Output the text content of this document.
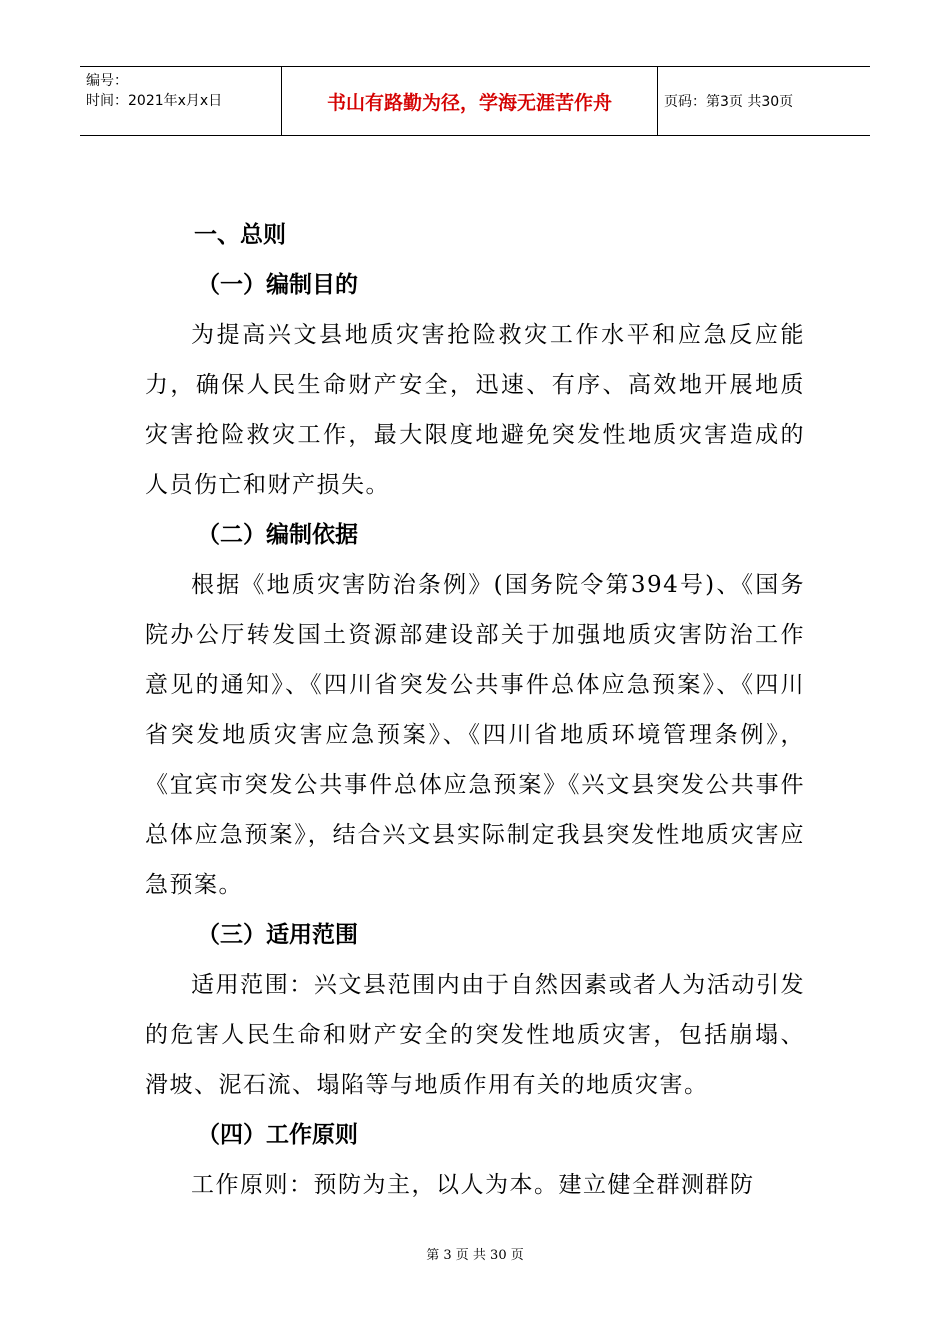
编号：
时间：2021年x月x日	书山有路勤为径，学海无涯苦作舟	页码：第3页 共30页
一、总则
（一）编制目的

为提高兴文县地质灾害抢险救灾工作水平和应急反应能力，确保人民生命财产安全，迅速、有序、高效地开展地质灾害抢险救灾工作，最大限度地避免突发性地质灾害造成的人员伤亡和财产损失。

（二）编制依据

根据《地质灾害防治条例》(国务院令第394号)、《国务院办公厅转发国土资源部建设部关于加强地质灾害防治工作意见的通知》、《四川省突发公共事件总体应急预案》、《四川省突发地质灾害应急预案》、《四川省地质环境管理条例》，《宜宾市突发公共事件总体应急预案》《兴文县突发公共事件总体应急预案》，结合兴文县实际制定我县突发性地质灾害应急预案。

（三）适用范围

适用范围：兴文县范围内由于自然因素或者人为活动引发的危害人民生命和财产安全的突发性地质灾害，包括崩塌、滑坡、泥石流、塌陷等与地质作用有关的地质灾害。

（四）工作原则

工作原则：预防为主，以人为本。建立健全群测群防

第 3 页 共 30 页
